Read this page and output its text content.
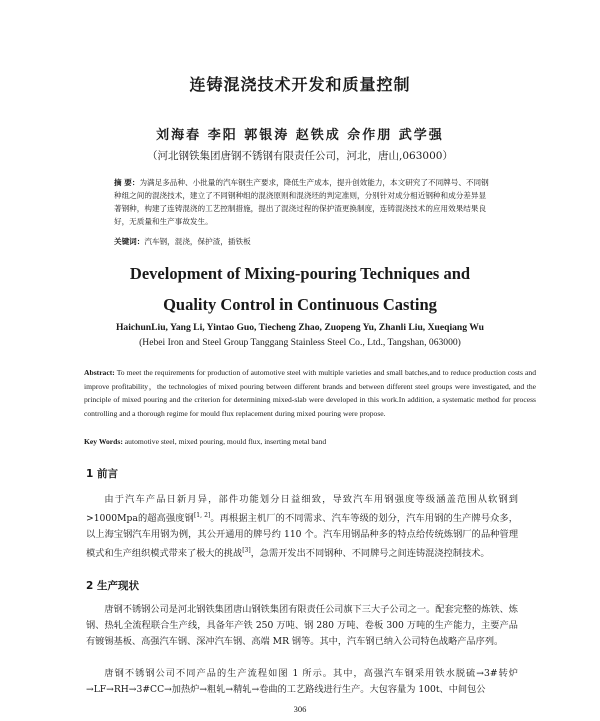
连铸混浇技术开发和质量控制
刘海春 李阳 郭银涛 赵铁成 佘作朋 武学强
（河北钢铁集团唐钢不锈钢有限责任公司，河北，唐山,063000）
摘 要：为满足多品种、小批量的汽车钢生产要求，降低生产成本，提升创效能力，本文研究了不同牌号、不同钢种组之间的混浇技术，建立了不同钢种组的混浇原则和混浇坯的判定准则，分别针对成分相近钢种和成分差异显著钢种，构建了连铸混浇的工艺控制措施，提出了混浇过程的保护渣更换制度，连铸混浇技术的应用效果结果良好，无质量和生产事故发生。
关键词：汽车钢，混浇，保护渣，插铁板
Development of Mixing-pouring Techniques and
Quality Control in Continuous Casting
HaichunLiu, Yang Li, Yintao Guo, Tiecheng Zhao, Zuopeng Yu, Zhanli Liu, Xueqiang Wu
(Hebei Iron and Steel Group Tanggang Stainless Steel Co., Ltd., Tangshan, 063000)
Abstract: To meet the requirements for production of automotive steel with multiple varieties and small batches,and to reduce production costs and improve profitability，the technologies of mixed pouring between different brands and between different steel groups were investigated, and the principle of mixed pouring and the criterion for determining mixed-slab were developed in this work.In addition, a systematic method for process controlling and a thorough regime for mould flux replacement during mixed pouring were propose.
Key Words: automotive steel, mixed pouring, mould flux, inserting metal band
1 前言
由于汽车产品日新月异，部件功能划分日益细致，导致汽车用钢强度等级涵盖范围从软钢到>1000Mpa的超高强度钢[1, 2]。再根据主机厂的不同需求、汽车等级的划分，汽车用钢的生产牌号众多，以上海宝钢汽车用钢为例，其公开通用的牌号约 110 个。汽车用钢品种多的特点给传统炼钢厂的品种管理模式和生产组织模式带来了极大的挑战[3]，急需开发出不同钢种、不同牌号之间连铸混浇控制技术。
2 生产现状
唐钢不锈钢公司是河北钢铁集团唐山钢铁集团有限责任公司旗下三大子公司之一。配套完整的炼铁、炼钢、热轧全流程联合生产线，具备年产铁 250 万吨、钢 280 万吨、卷板 300 万吨的生产能力，主要产品有镀锡基板、高强汽车钢、深冲汽车钢、高端 MR 钢等。其中，汽车钢已纳入公司特色战略产品序列。
唐钢不锈钢公司不同产品的生产流程如图 1 所示。其中，高强汽车钢采用铁水脱硫→3#转炉→LF→RH→3#CC→加热炉→粗轧→精轧→卷曲的工艺路线进行生产。大包容量为 100t、中间包公
306
